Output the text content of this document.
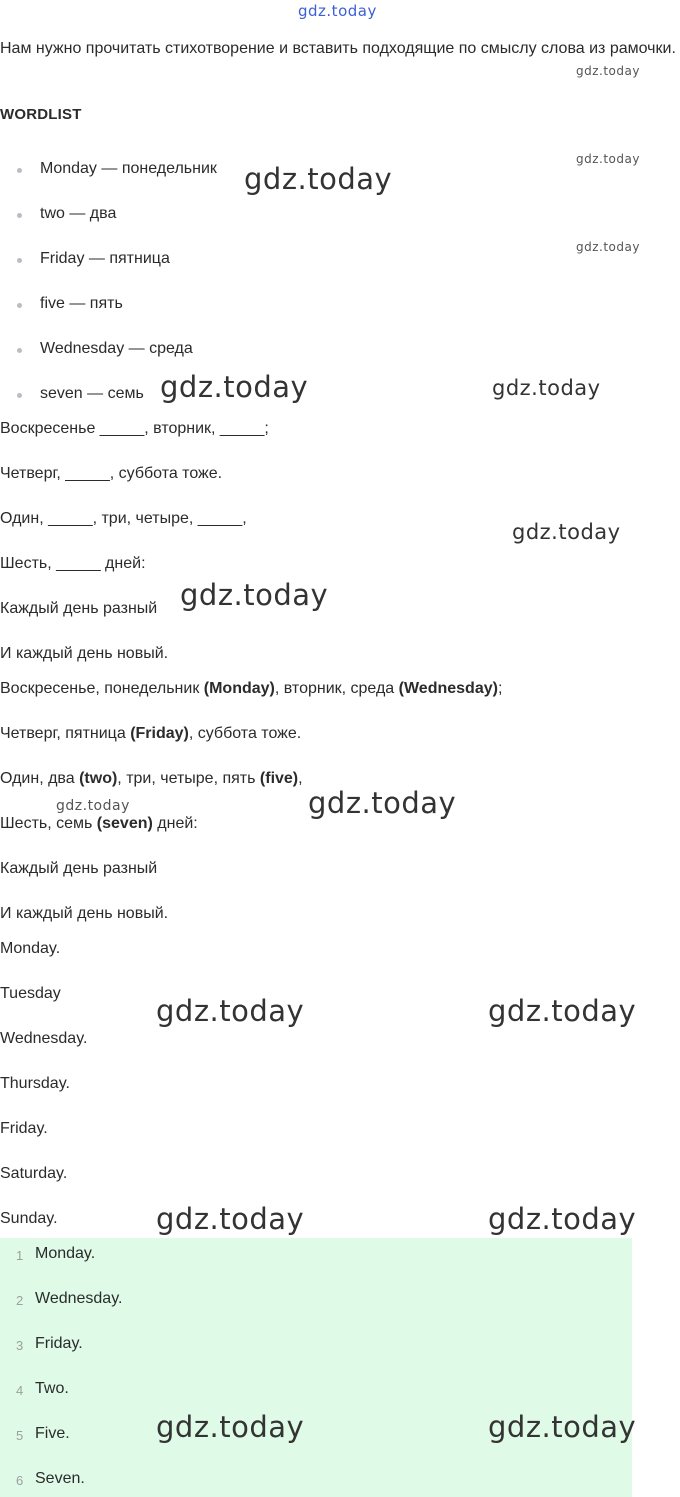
gdz.today
Нам нужно прочитать стихотворение и вставить подходящие по смыслу слова из рамочки.
gdz.today
WORDLIST
Monday — понедельник
two — два
Friday — пятница
five — пять
Wednesday — среда
seven — семь
gdz.today
gdz.today
gdz.today
gdz.today	gdz.today
Воскресенье _____, вторник, _____;
Четверг, _____, суббота тоже.
Один, _____, три, четыре, _____,
Шесть, _____ дней:
Каждый день разный
И каждый день новый.
gdz.today
gdz.today
Воскресенье, понедельник (Monday), вторник, среда (Wednesday);
Четверг, пятница (Friday), суббота тоже.
Один, два (two), три, четыре, пять (five),
Шесть, семь (seven) дней:
Каждый день разный
И каждый день новый.
gdz.today	gdz.today
Monday.
Tuesday
Wednesday.
Thursday.
Friday.
Saturday.
Sunday.
gdz.today	gdz.today
1 Monday.
2 Wednesday.
3 Friday.
4 Two.
5 Five.
6 Seven.
gdz.today	gdz.today
gdz.today	gdz.today
